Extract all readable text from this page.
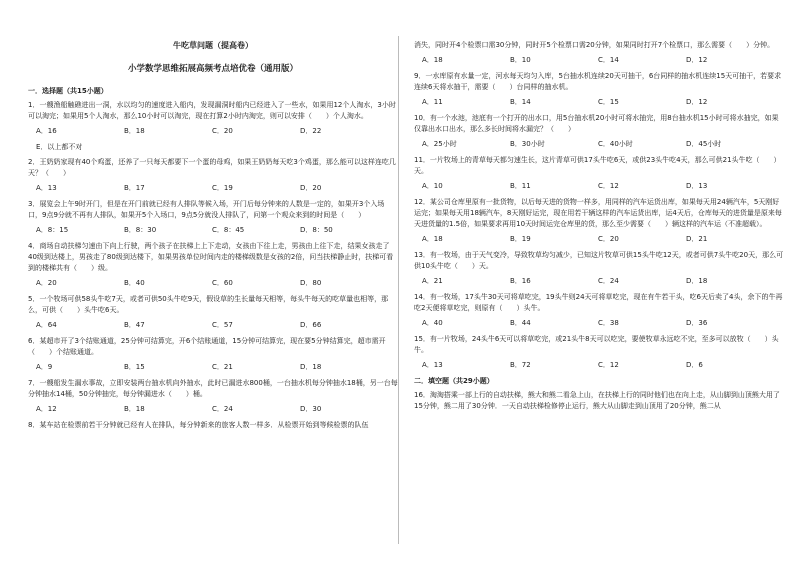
牛吃草问题（提高卷）
小学数学思维拓展高频考点培优卷（通用版）
一．选择题（共15小题）

1．一艘渔船触礁进出一洞，水以均匀的速度进入船内，发现漏洞时船内已经进入了一些水，如果用12个人淘水，3小时可以淘完；如果用5个人淘水，那么10小时可以淘完，现在打算2小时内淘完，则可以安排（　　）个人淘水。

A．16	B．18	C．20	D．22

E．以上都不对

2．王奶奶家现有40个鸡蛋，还养了一只每天都要下一个蛋的母鸡，如果王奶奶每天吃3个鸡蛋，那么能可以这样连吃几天？（　　）

A．13	B．17	C．19	D．20

3．展览会上午9时开门，但是在开门前就已经有人排队等候入场，开门后每分钟来的人数是一定的，如果开3个入场口，9点9分就不再有人排队，如果开5个入场口，9点5分就没人排队了，问第一个观众来到的时间是（　　）

A．8：15	B．8：30	C．8：45	D．8：50

4．商场自动扶梯匀速由下向上行驶，两个孩子在扶梯上上下走动，女孩由下往上走，男孩由上往下走，结果女孩走了40级到达楼上，男孩走了80级到达楼下，如果男孩单位时间内走的楼梯级数是女孩的2倍，问当扶梯静止时，扶梯可看到的楼梯共有（　　）级。

A．20	B．40	C．60	D．80

5．一个牧场可供58头牛吃7天，或者可供50头牛吃9天，假设草的生长量每天相等，每头牛每天的吃草量也相等，那么，可供（　　）头牛吃6天。

A．64	B．47	C．57	D．66

6．某超市开了3个结账通道，25分钟可结算完，开6个结账通道，15分钟可结算完，现在要5分钟结算完，超市需开（　　）个结账通道。

A．9	B．15	C．21	D．18

7．一艘船发生漏水事故，立即安装两台抽水机向外抽水，此时已漏进水800桶，一台抽水机每分钟抽水18桶，另一台每分钟抽水14桶，50分钟抽完，每分钟漏进水（　　）桶。

A．12	B．18	C．24	D．30

8．某车站在检票前若干分钟就已经有人在排队，每分钟新来的旅客人数一样多．从检票开始到等候检票的队伍

消失，同时开4个检票口需30分钟，同时开5个检票口需20分钟，如果同时打开7个检票口，那么需要（　　）分钟。

A．18	B．10	C．14	D．12

9．一水库原有水量一定，河水每天均匀入库，5台抽水机连续20天可抽干，6台同样的抽水机连续15天可抽干，若要求连续6天将水抽干，需要（　　）台同样的抽水机。

A．11	B．14	C．15	D．12

10．有一个水池，池底有一个打开的出水口，用5台抽水机20小时可将水抽完，用8台抽水机15小时可将水抽完，如果仅靠出水口出水，那么多长时间将水漏完？（　　）

A．25小时	B．30小时	C．40小时	D．45小时

11．一片牧场上的青草每天都匀速生长，这片青草可供17头牛吃6天，或供23头牛吃4天，那么可供21头牛吃（　　）天。

A．10	B．11	C．12	D．13

12．某公司仓库里原有一批货物，以后每天进的货物一样多，用同样的汽车运货出库，如果每天用24辆汽车，5天刚好运完；如果每天用18辆汽车，8天刚好运完，现在用若干辆这样的汽车运货出库，运4天后，仓库每天的进货量是原来每天进货量的1.5倍，如果要求再用10天时间运完仓库里的货，那么至少需要（　　）辆这样的汽车运（不准超载）。

A．18	B．19	C．20	D．21

13．有一牧场，由于天气变冷，导致牧草均匀减少，已知这片牧草可供15头牛吃12天，或者可供7头牛吃20天，那么可供10头牛吃（　　）天。

A．21	B．16	C．24	D．18

14．有一牧场，17头牛30天可将草吃完，19头牛则24天可将草吃完，现在有牛若干头，吃6天后卖了4头，余下的牛再吃2天便将草吃完，则原有（　　）头牛。

A．40	B．44	C．38	D．36

15．有一片牧场，24头牛6天可以将草吃完，或21头牛8天可以吃完，要使牧草永远吃不完，至多可以放牧（　　）头牛。

A．13	B．72	C．12	D．6
二．填空题（共29小题）

16．淘淘搭乘一部上行的自动扶梯，熊大和熊二看急上山，在扶梯上行的同时他们也在向上走，从山脚到山顶熊大用了15分钟，熊二用了30分钟．一天自动扶梯检修停止运行，熊大从山脚走到山顶用了20分钟，熊二从
